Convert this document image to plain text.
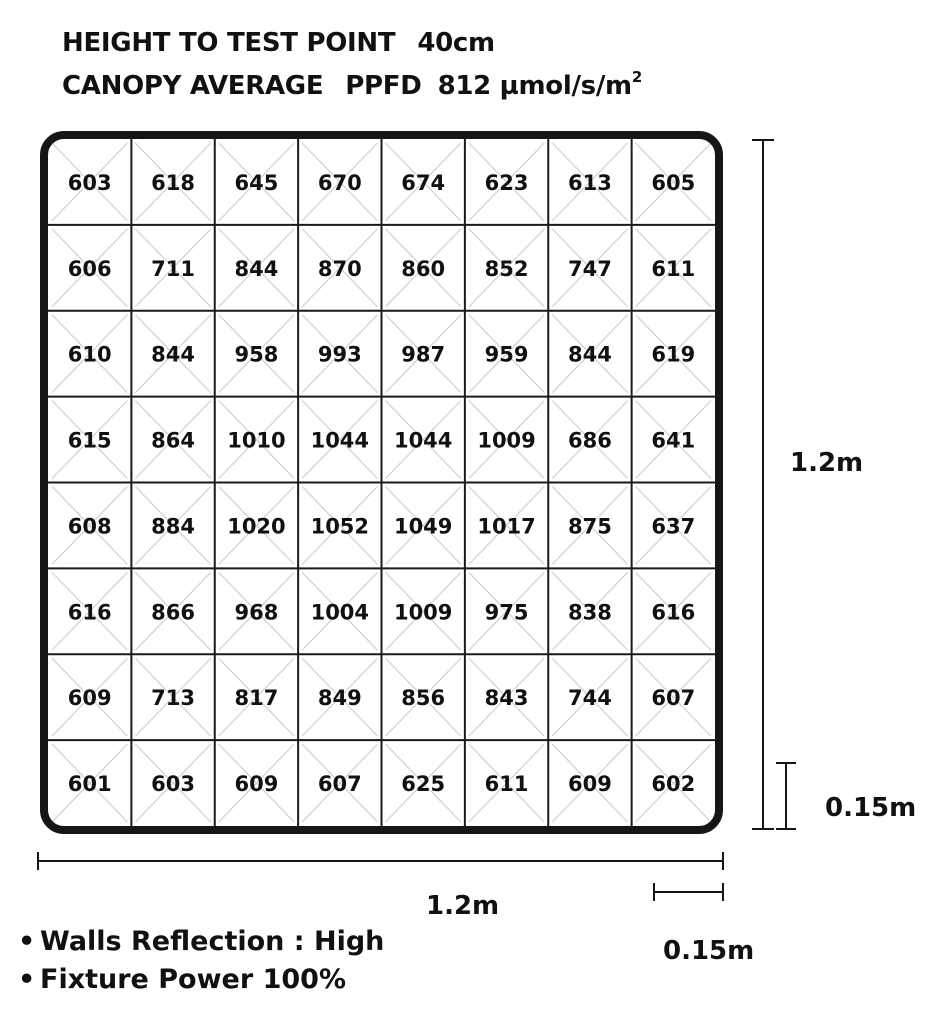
HEIGHT TO TEST POINT 40cm
CANOPY AVERAGE PPFD 812 µmol/$s/m^2$
603 618 645 670 674 623 613 605
606 711 844 870 860 852 747 611
610 844 958 993 987 959 844 619
615 864 1010 1044 1044 1009 686 641
608 884 1020 1052 1049 1017 875 637
616 866 968 1004 1009 975 838 616
609 713 817 849 856 843 744 607
601 603 609 607 625 611 609 602
1.2m
0.15m
1.2m
0.15m
• Walls Reflection : High
• Fixture Power 100%
